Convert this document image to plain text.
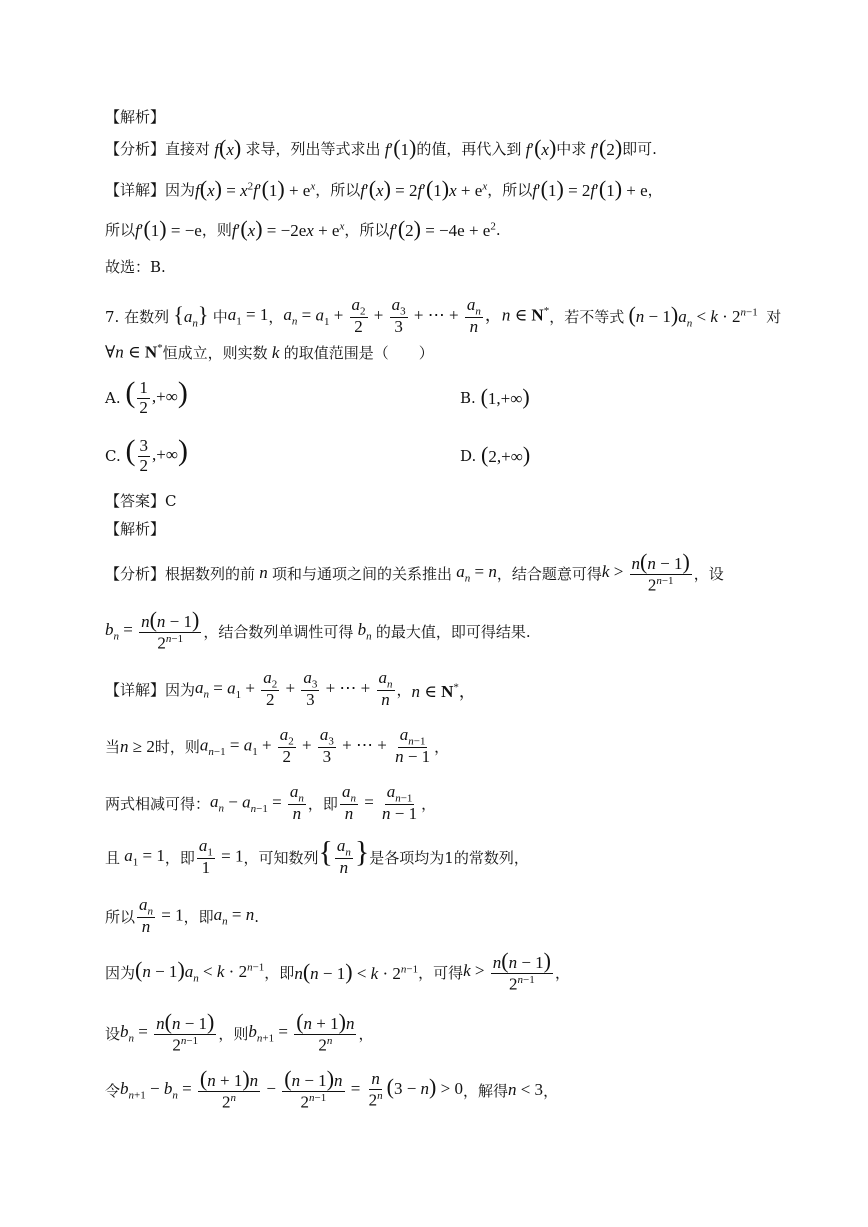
【解析】
【分析】 直接对 f(x) 求导，列出等式求出 f′(1) 的值，再代入到 f′(x) 中求 f′(2) 即可.
【详解】 因为 $f(x) = x^2f'(1) + e^x$ ，所以 $f'(x) = 2f'(1)x + e^x$ ，所以 f′(1) = 2f′(1) + e ，
所以 f′(1) = −e ，则 $f'(x) = -2ex + e^x$ ，所以 $f'(2) = -4e + e^2$ .
故选：B.
7.
在数列 $\{a_n\}$ 中 $a_1 = 1$ ， $a_n = a_1 + \frac{a_2}{2} + \frac{a_3}{3}$ + ⋯ + $\frac{a_n}{n}$ ，n ∈ N* ，若不等式 $(n - 1)a_n < k \cdot 2^{n-1}$ 对
∀n ∈ N* 恒成立，则实数 k 的取值范围是（　　）
A.
( $\frac{1}{2}$ ,+∞)	B.
(1,+∞)
C.
( $\frac{3}{2}$ ,+∞)	D.
(2,+∞)
【答案】C
【解析】
【分析】 根据数列的前 n 项和与通项之间的关系推出 $a_n = n$ ，结合题意可得 $k > \frac{n(n - 1)}{2^{n-1}}$ ，设
$b_n = \frac{n(n - 1)}{2^{n-1}}$ ，结合数列单调性可得 $b_n$ 的最大值，即可得结果.
【详解】 因为 $a_n = a_1 + \frac{a_2}{2} + \frac{a_3}{3}$ + ⋯ + $\frac{a_n}{n}$ ， n ∈ N*，
当 n ≥ 2 时，则 $a_{n-1} = a_1 + \frac{a_2}{2} + \frac{a_3}{3}$ + ⋯ + $\frac{a_{n-1}}{n - 1}$ ，
两式相减可得： $a_n - a_{n-1} = \frac{a_n}{n}$ ，即 $\frac{a_n}{n} = \frac{a_{n-1}}{n - 1}$ ，
且 $a_1 = 1$ ，即 $\frac{a_1}{1} = 1$ ，可知数列 { $\frac{a_n}{n}$ } 是各项均为1的常数列，
所以 $\frac{a_n}{n} = 1$ ，即 $a_n = n$ .
因为 $(n - 1)a_n < k \cdot 2^{n-1}$ ，即 $n(n - 1) < k \cdot 2^{n-1}$ ，可得 $k > \frac{n(n - 1)}{2^{n-1}}$ ，
设 $b_n = \frac{n(n - 1)}{2^{n-1}}$ ，则 $b_{n+1} = \frac{(n + 1)n}{2^n}$ ，
令 $b_{n+1} - b_n = \frac{(n + 1)n}{2^n} - \frac{(n - 1)n}{2^{n-1}} = \frac{n}{2^n} (3 - n) > 0$ ，解得 n < 3 ，
